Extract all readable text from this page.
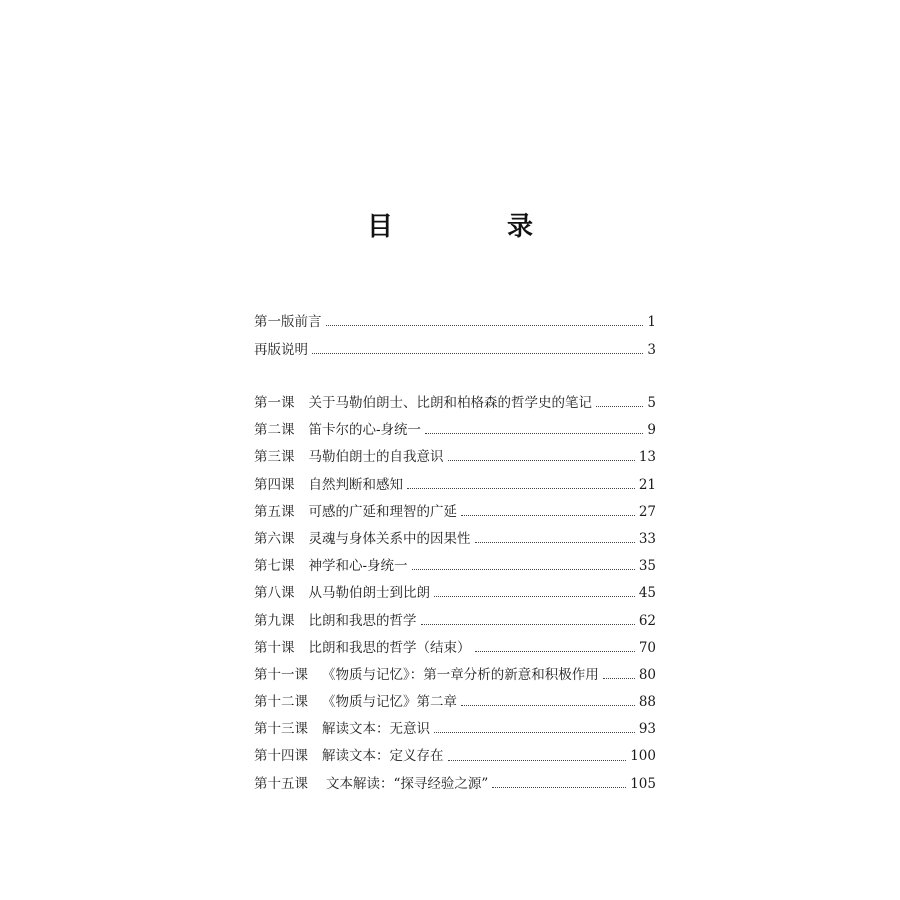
目　录
第一版前言	1
再版说明	3
第一课 关于马勒伯朗士、比朗和柏格森的哲学史的笔记	5
第二课 笛卡尔的心-身统一	9
第三课 马勒伯朗士的自我意识	13
第四课 自然判断和感知	21
第五课 可感的广延和理智的广延	27
第六课 灵魂与身体关系中的因果性	33
第七课 神学和心-身统一	35
第八课 从马勒伯朗士到比朗	45
第九课 比朗和我思的哲学	62
第十课 比朗和我思的哲学（结束）	70
第十一课 《物质与记忆》：第一章分析的新意和积极作用	80
第十二课 《物质与记忆》第二章	88
第十三课 解读文本：无意识	93
第十四课 解读文本：定义存在	100
第十五课 文本解读：“探寻经验之源”	105
